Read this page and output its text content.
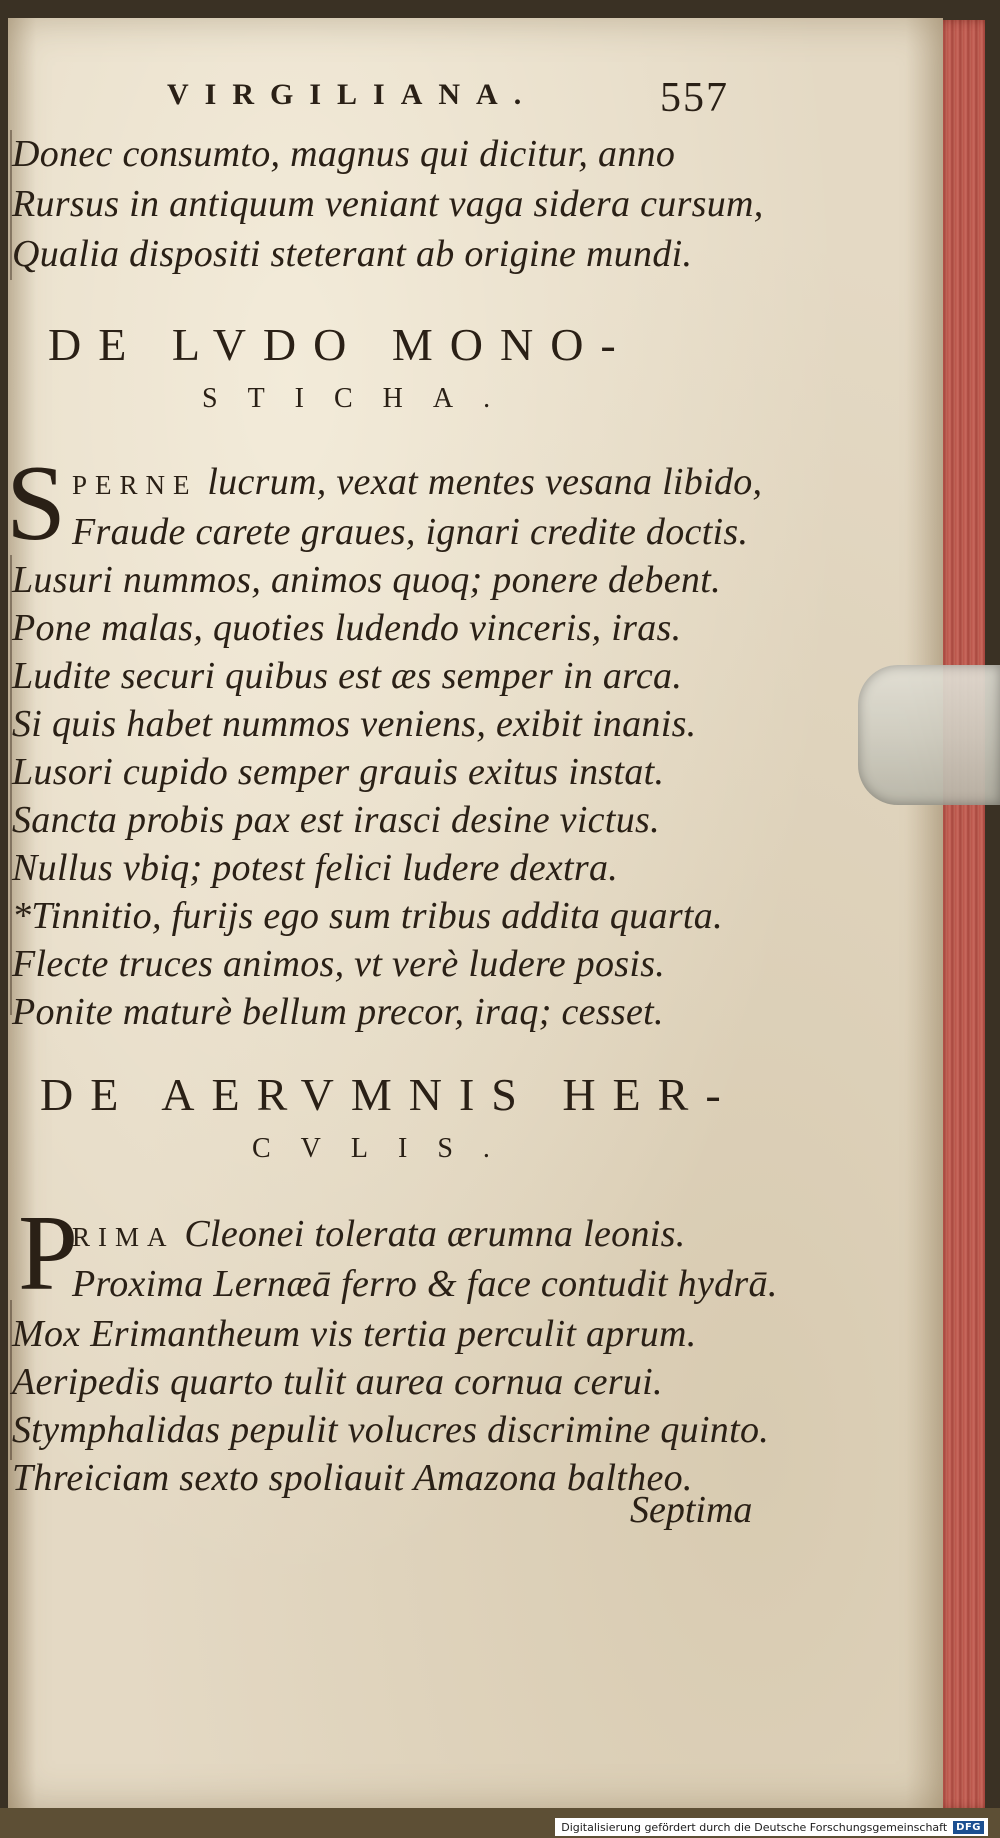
VIRGILIANA.	557
Donec consumto, magnus qui dicitur, anno
Rursus in antiquum veniant vaga sidera cursum,
Qualia dispositi steterant ab origine mundi.
DE LVDO MONO-
STICHA.
S PERNE lucrum, vexat mentes vesana libido,
Fraude carete graues, ignari credite doctis.
Lusuri nummos, animos quoq; ponere debent.
Pone malas, quoties ludendo vinceris, iras.
Ludite securi quibus est æs semper in arca.
Si quis habet nummos veniens, exibit inanis.
Lusori cupido semper grauis exitus instat.
Sancta probis pax est irasci desine victus.
Nullus vbiq; potest felici ludere dextra.
*Tinnitio, furijs ego sum tribus addita quarta.
Flecte truces animos, vt verè ludere posis.
Ponite maturè bellum precor, iraq; cesset.
DE AERVMNIS HER-
CVLIS.
P
RIMA Cleonei tolerata ærumna leonis.
Proxima Lernæā ferro & face contudit hydrā.
Mox Erimantheum vis tertia perculit aprum.
Aeripedis quarto tulit aurea cornua cerui.
Stymphalidas pepulit volucres discrimine quinto.
Threiciam sexto spoliauit Amazona baltheo.
Septima
Digitalisierung gefördert durch die Deutsche Forschungsgemeinschaft DFG
